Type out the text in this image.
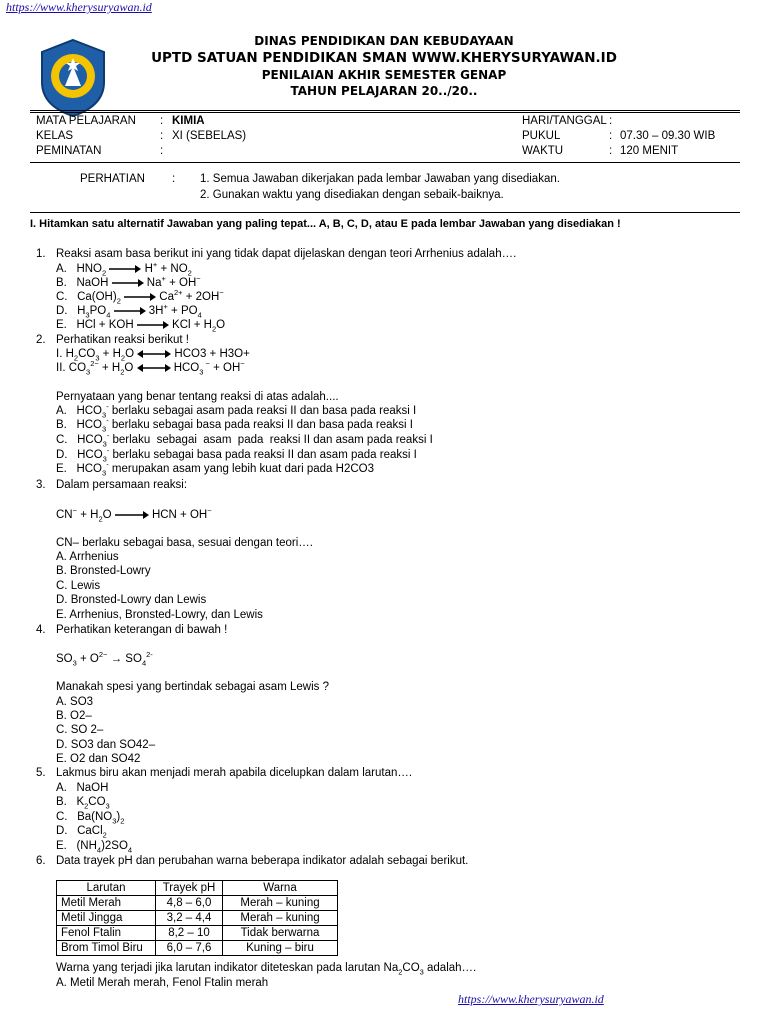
https://www.kherysuryawan.id
DINAS PENDIDIKAN DAN KEBUDAYAAN
UPTD SATUAN PENDIDIKAN SMAN WWW.KHERYSURYAWAN.ID
PENILAIAN AKHIR SEMESTER GENAP
TAHUN PELAJARAN 20../20..
MATA PELAJARAN : KIMIA
KELAS	: XI (SEBELAS)
PEMINATAN	:
HARI/TANGGAL :
PUKUL	: 07.30 – 09.30 WIB
WAKTU	: 120 MENIT
PERHATIAN : 1. Semua Jawaban dikerjakan pada lembar Jawaban yang disediakan.
2. Gunakan waktu yang disediakan dengan sebaik-baiknya.
I. Hitamkan satu alternatif Jawaban yang paling tepat... A, B, C, D, atau E pada lembar Jawaban yang disediakan !
1. Reaksi asam basa berikut ini yang tidak dapat dijelaskan dengan teori Arrhenius adalah….
A.   $HNO_2$	$H^+ + NO_2$
B.   NaOH	Na+ + OH−
C.   $Ca(OH)_2$	$Ca^{2+} + 2OH^-$
D.   $H_3PO_4$	$3H^+ + PO_4$
E.   HCl + KOH	KCl + $H_2O$
2. Perhatikan reaksi berikut !
I. $H_2CO_3 + H_2O$	HCO3 + H3O+
II. $CO_3^{2-} + H_2O$	$HCO_3$ − + OH−
Pernyataan yang benar tentang reaksi di atas adalah....
A.   $HCO_3^-$ berlaku sebagai asam pada reaksi II dan basa pada reaksi I
B.   $HCO_3^-$ berlaku sebagai basa pada reaksi II dan basa pada reaksi I
C.   $HCO_3^-$ berlaku  sebagai  asam  pada  reaksi II dan asam pada reaksi I
D.   $HCO_3^-$ berlaku sebagai basa pada reaksi II dan asam pada reaksi I
E.   $HCO_3^-$ merupakan asam yang lebih kuat dari pada H2CO3
3. Dalam persamaan reaksi:
$CN^- + H_2O$	HCN + OH−
CN– berlaku sebagai basa, sesuai dengan teori….
A. Arrhenius
B. Bronsted-Lowry
C. Lewis
D. Bronsted-Lowry dan Lewis
E. Arrhenius, Bronsted-Lowry, dan Lewis
4. Perhatikan keterangan di bawah !
$SO_3 + O^{2-} \to SO_4^{2-}$
Manakah spesi yang bertindak sebagai asam Lewis ?
A. SO3
B. O2–
C. SO 2–
D. SO3 dan SO42–
E. O2 dan SO42
5. Lakmus biru akan menjadi merah apabila dicelupkan dalam larutan….
A.   NaOH
B.   $K_2CO_3$
C.   $Ba(NO_3)_2$
D.   CaCl$_2$
E.   $(NH_4)2SO_4$
6. Data trayek pH dan perubahan warna beberapa indikator adalah sebagai berikut.
Larutan	Trayek pH	Warna
Metil Merah	4,8 – 6,0	Merah – kuning
Metil Jingga	3,2 – 4,4	Merah – kuning
Fenol Ftalin	8,2 – 10	Tidak berwarna
Brom Timol Biru	6,0 – 7,6	Kuning – biru
Warna yang terjadi jika larutan indikator diteteskan pada larutan $Na_2CO_3$ adalah….
A. Metil Merah merah, Fenol Ftalin merah
https://www.kherysuryawan.id
